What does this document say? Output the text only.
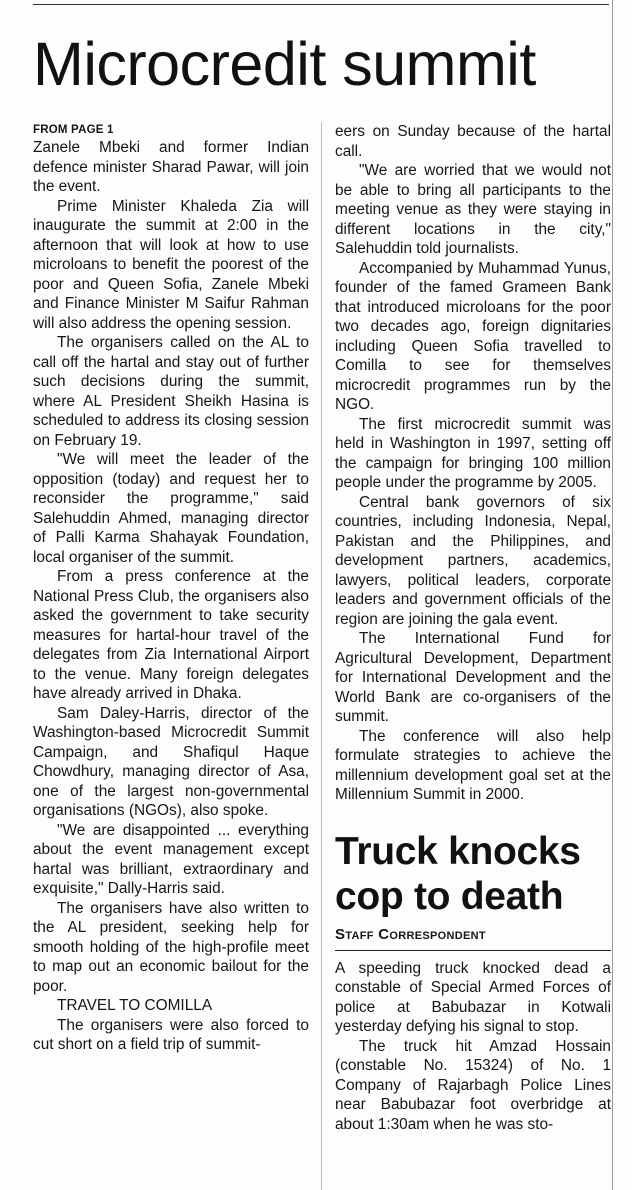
Microcredit summit
FROM PAGE 1

Zanele Mbeki and former Indian defence minister Sharad Pawar, will join the event.

Prime Minister Khaleda Zia will inaugurate the summit at 2:00 in the afternoon that will look at how to use microloans to benefit the poorest of the poor and Queen Sofia, Zanele Mbeki and Finance Minister M Saifur Rahman will also address the opening session.

The organisers called on the AL to call off the hartal and stay out of further such decisions during the summit, where AL President Sheikh Hasina is scheduled to address its closing session on February 19.

"We will meet the leader of the opposition (today) and request her to reconsider the programme," said Salehuddin Ahmed, managing director of Palli Karma Shahayak Foundation, local organiser of the summit.

From a press conference at the National Press Club, the organisers also asked the government to take security measures for hartal-hour travel of the delegates from Zia International Airport to the venue. Many foreign delegates have already arrived in Dhaka.

Sam Daley-Harris, director of the Washington-based Microcredit Summit Campaign, and Shafiqul Haque Chowdhury, managing director of Asa, one of the largest non-governmental organisations (NGOs), also spoke.

"We are disappointed ... everything about the event management except hartal was brilliant, extraordinary and exquisite," Dally-Harris said.

The organisers have also written to the AL president, seeking help for smooth holding of the high-profile meet to map out an economic bailout for the poor.

TRAVEL TO COMILLA

The organisers were also forced to cut short on a field trip of summit-

eers on Sunday because of the hartal call.

"We are worried that we would not be able to bring all participants to the meeting venue as they were staying in different locations in the city," Salehuddin told journalists.

Accompanied by Muhammad Yunus, founder of the famed Grameen Bank that introduced microloans for the poor two decades ago, foreign dignitaries including Queen Sofia travelled to Comilla to see for themselves microcredit programmes run by the NGO.

The first microcredit summit was held in Washington in 1997, setting off the campaign for bringing 100 million people under the programme by 2005.

Central bank governors of six countries, including Indonesia, Nepal, Pakistan and the Philippines, and development partners, academics, lawyers, political leaders, corporate leaders and government officials of the region are joining the gala event.

The International Fund for Agricultural Development, Department for International Development and the World Bank are co-organisers of the summit.

The conference will also help formulate strategies to achieve the millennium development goal set at the Millennium Summit in 2000.

Truck knocks cop to death
Staff Correspondent

A speeding truck knocked dead a constable of Special Armed Forces of police at Babubazar in Kotwali yesterday defying his signal to stop.

The truck hit Amzad Hossain (constable No. 15324) of No. 1 Company of Rajarbagh Police Lines near Babubazar foot overbridge at about 1:30am when he was sto-
